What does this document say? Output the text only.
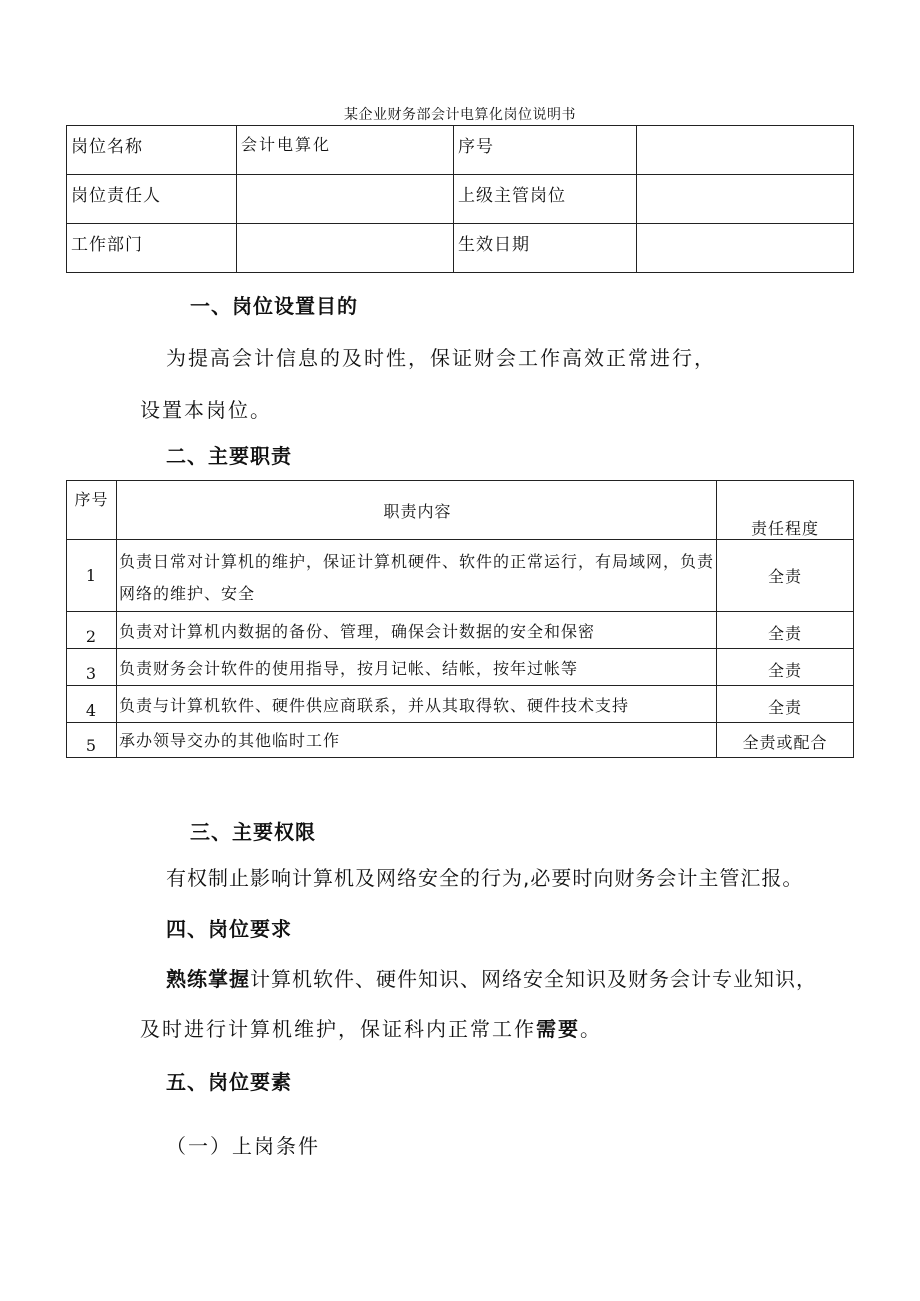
某企业财务部会计电算化岗位说明书
岗位名称	会计电算化	序号	
岗位责任人		上级主管岗位	
工作部门		生效日期	
一、岗位设置目的
为提高会计信息的及时性，保证财会工作高效正常进行，
设置本岗位。
二、主要职责
序号	职责内容	责任程度
1	负责日常对计算机的维护，保证计算机硬件、软件的正常运行，有局域网，负责网络的维护、安全	全责
2	负责对计算机内数据的备份、管理，确保会计数据的安全和保密	全责
3	负责财务会计软件的使用指导，按月记帐、结帐，按年过帐等	全责
4	负责与计算机软件、硬件供应商联系，并从其取得软、硬件技术支持	全责
5	承办领导交办的其他临时工作	全责或配合
三、主要权限
有权制止影响计算机及网络安全的行为,必要时向财务会计主管汇报。
四、岗位要求
熟练掌握计算机软件、硬件知识、网络安全知识及财务会计专业知识，
及时进行计算机维护，保证科内正常工作需要。
五、岗位要素
（一）上岗条件
